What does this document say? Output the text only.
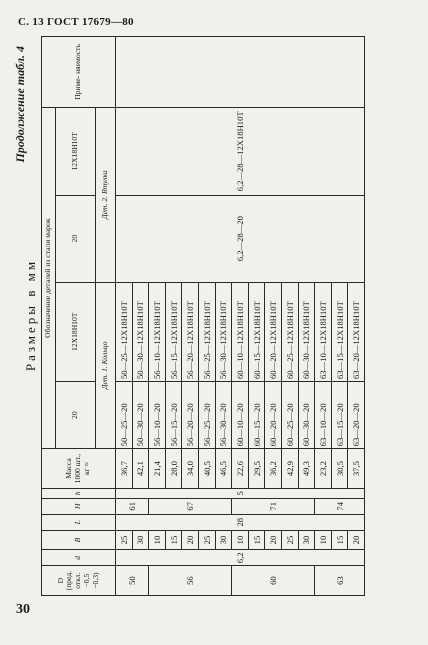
С. 13 ГОСТ 17679—80
30
Продолжение табл. 4
Размеры в мм
D (пред. откл. −0,5 −0,3)	d	B	L	H	h	Масса 1000 шт., кг ≈	Обозначение деталей из стали марок				Приме- няемость
							20	12Х18Н10Т	20	12Х18Н10Т	
							Дет. 1. Кольцо		Дет. 2. Втулка		
50	6,2	25	28	61	5	36,7	50—25—20	50—25—12Х18Н10Т	6,2—28—20	6,2—28—12Х18Н10Т	
		30				42,1	50—30—20	50—30—12Х18Н10Т			
56		10		67		21,4	56—10—20	56—10—12Х18Н10Т			
		15				28,0	56—15—20	56—15—12Х18Н10Т			
		20				34,0	56—20—20	56—20—12Х18Н10Т			
		25				40,5	56—25—20	56—25—12Х18Н10Т			
		30				46,5	56—30—20	56—30—12Х18Н10Т			
60		10		71		22,6	60—10—20	60—10—12Х18Н10Т			
		15				29,5	60—15—20	60—15—12Х18Н10Т			
		20				36,2	60—20—20	60—20—12Х18Н10Т			
		25				42,9	60—25—20	60—25—12Х18Н10Т			
		30				49,3	60—30—20	60—30—12Х18Н10Т			
63		10		74		23,2	63—10—20	63—10—12Х18Н10Т			
		15				30,5	63—15—20	63—15—12Х18Н10Т			
		20				37,5	63—20—20	63—20—12Х18Н10Т			
